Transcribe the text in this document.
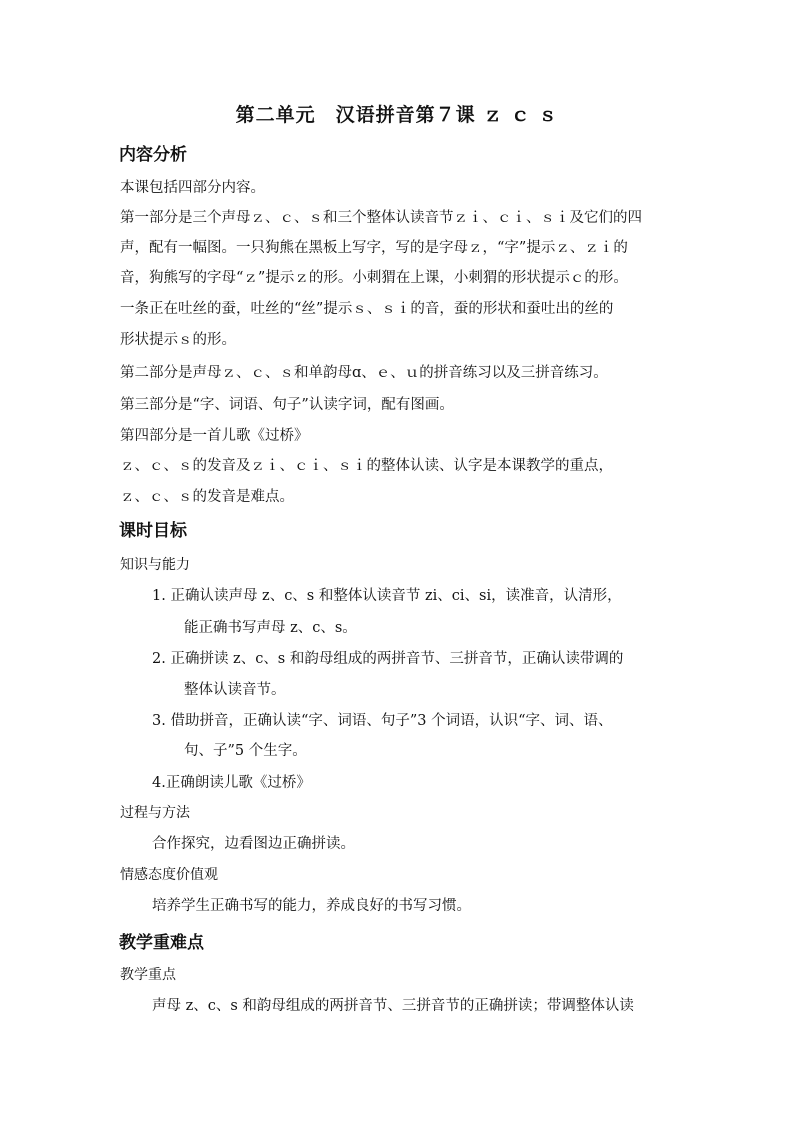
第二单元　汉语拼音第７课 ｚ ｃ ｓ
内容分析
本课包括四部分内容。
第一部分是三个声母ｚ、ｃ、ｓ和三个整体认读音节ｚｉ、ｃｉ、ｓｉ及它们的四
声，配有一幅图。一只狗熊在黑板上写字，写的是字母ｚ，“字”提示ｚ、ｚｉ的
音，狗熊写的字母“ｚ”提示ｚ的形。小刺猬在上课，小刺猬的形状提示ｃ的形。
一条正在吐丝的蚕，吐丝的“丝”提示ｓ、ｓｉ的音，蚕的形状和蚕吐出的丝的
形状提示ｓ的形。
第二部分是声母ｚ、ｃ、ｓ和单韵母ɑ、ｅ、ｕ的拼音练习以及三拼音练习。
第三部分是“字、词语、句子”认读字词，配有图画。
第四部分是一首儿歌《过桥》
ｚ、ｃ、ｓ的发音及ｚｉ、ｃｉ、ｓｉ的整体认读、认字是本课教学的重点，
ｚ、ｃ、ｓ的发音是难点。
课时目标
知识与能力
1. 正确认读声母 z、c、s 和整体认读音节 zi、ci、si，读准音，认清形，
能正确书写声母 z、c、s。
2. 正确拼读 z、c、s 和韵母组成的两拼音节、三拼音节，正确认读带调的
整体认读音节。
3. 借助拼音，正确认读“字、词语、句子”3 个词语，认识“字、词、语、
句、子”5 个生字。
4.正确朗读儿歌《过桥》
过程与方法
合作探究，边看图边正确拼读。
情感态度价值观
培养学生正确书写的能力，养成良好的书写习惯。
教学重难点
教学重点
声母 z、c、s 和韵母组成的两拼音节、三拼音节的正确拼读；带调整体认读
